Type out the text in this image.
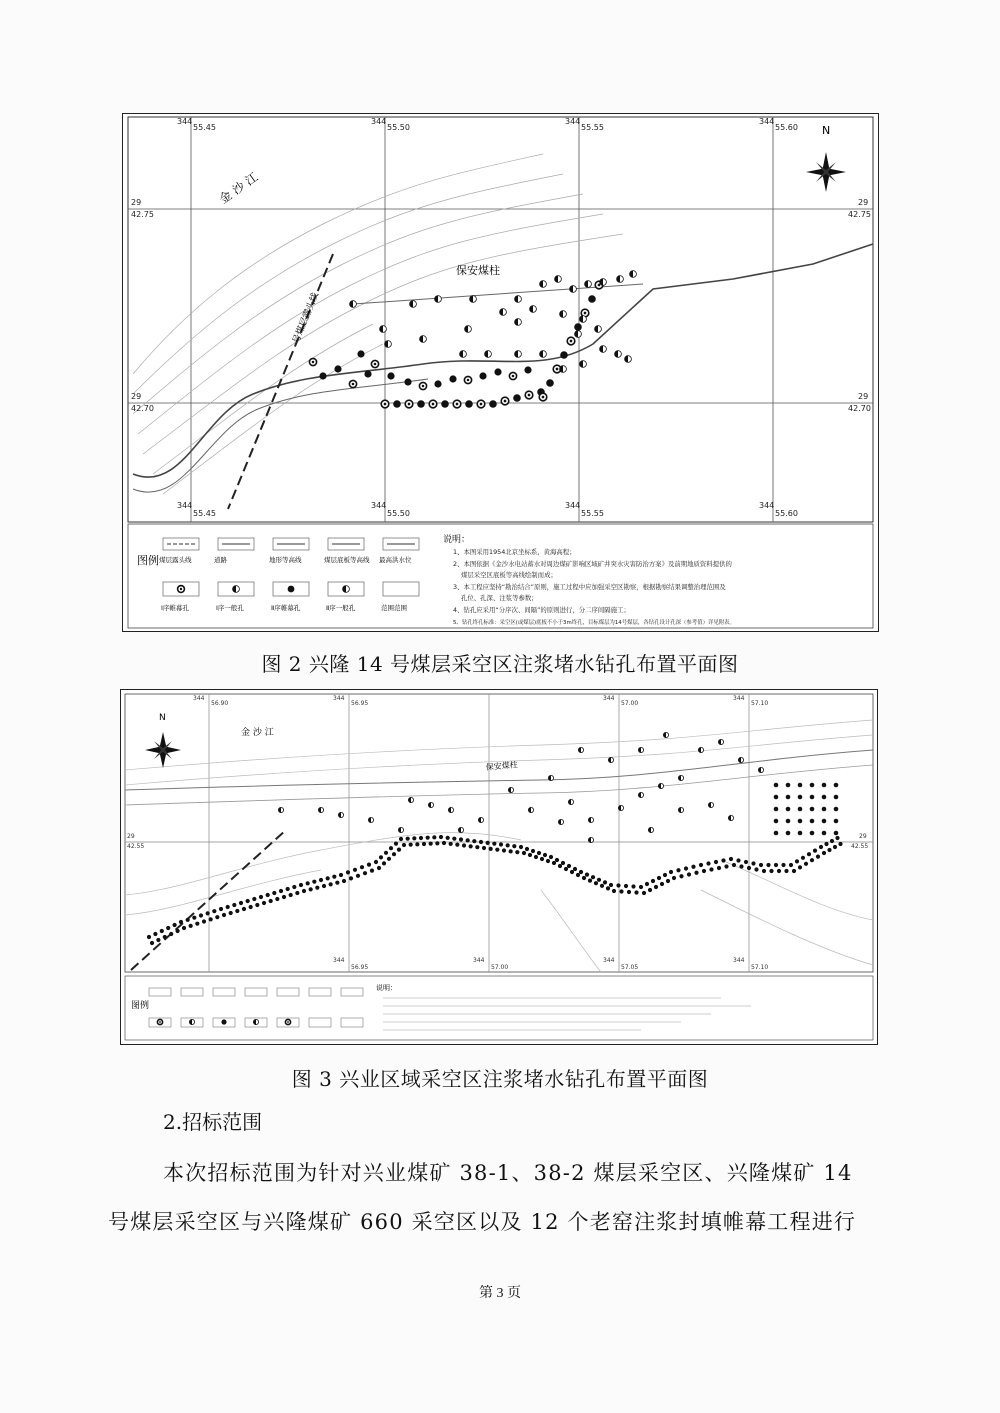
N
344
55.45
344
55.50
344
55.55
344
55.60
344
55.45
344
55.50
344
55.55
344
55.60
29
42.75
29
42.70
29
42.75
29
42.70
金 沙 江
保安煤柱
号煤层露头线
图例 煤层露头线
Ⅰ序帷幕孔
道路
Ⅰ序一般孔
地形等高线
Ⅱ序帷幕孔
煤层底板等高线
Ⅱ序一般孔
最高洪水位
范围范围
说明：
1、本图采用1954北京坐标系，黄海高程；
2、本图依据《金沙水电站蓄水对周边煤矿影响区域矿井突水灾害防治方案》及前期地质资料提供的
煤层采空区底板等高线绘制而成；
3、本工程应坚持“勘治结合”原则，施工过程中应加强采空区勘察，根据勘察结果调整治理范围及
孔位、孔深、注浆等参数；
4、钻孔应采用“分序次、间隔”的原则进行，分二序间隔施工；
5、钻孔终孔标准：采空区(或煤层)底板不小于3m终孔，目标煤层为14号煤层，各钻孔设计孔深（参考值）详见附表。
图 2 兴隆 14 号煤层采空区注浆堵水钻孔布置平面图
N
344
56.90
344
56.95
344
57.00
344
57.10
344
56.95
344
57.00
344
57.05
344
57.10
29
42.55
29
42.55
金 沙 江
保安煤柱
图例
说明：
图 3 兴业区域采空区注浆堵水钻孔布置平面图
2.招标范围
本次招标范围为针对兴业煤矿 38-1、38-2 煤层采空区、兴隆煤矿 14
号煤层采空区与兴隆煤矿 660 采空区以及 12 个老窑注浆封填帷幕工程进行
第 3 页
